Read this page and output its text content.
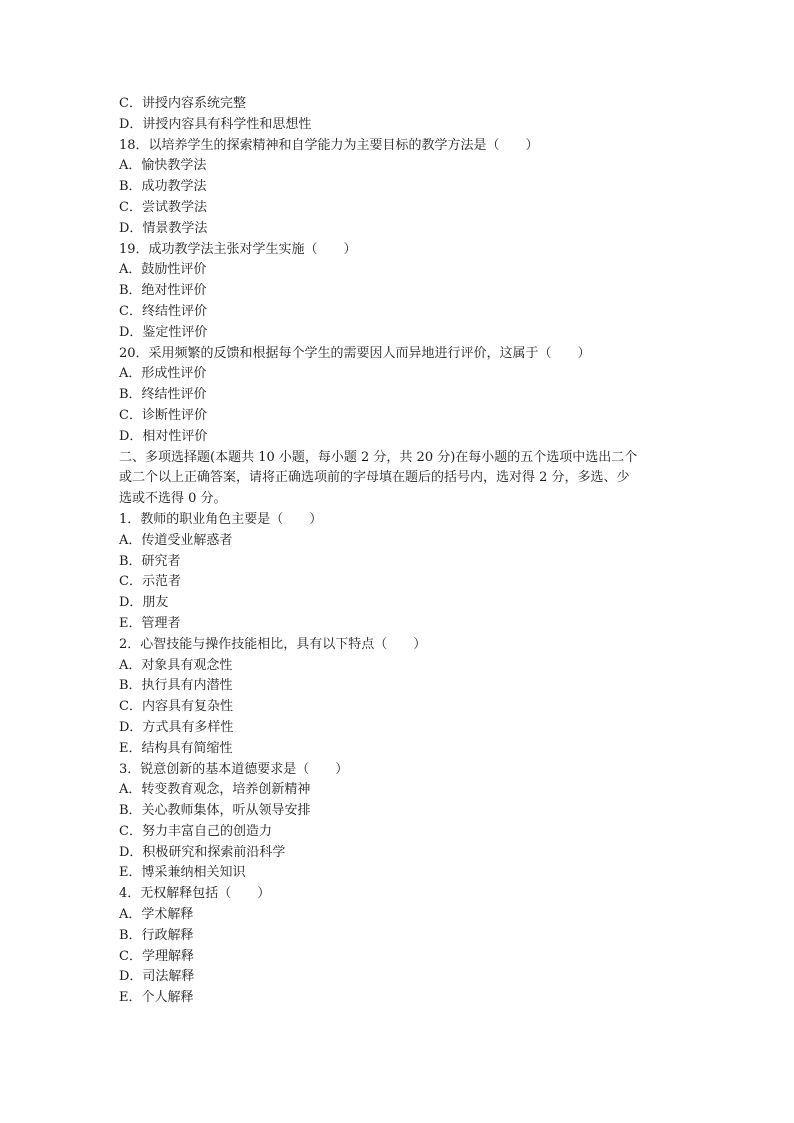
C．讲授内容系统完整
D．讲授内容具有科学性和思想性
18．以培养学生的探索精神和自学能力为主要目标的教学方法是（　　）
A．愉快教学法
B．成功教学法
C．尝试教学法
D．情景教学法
19．成功教学法主张对学生实施（　　）
A．鼓励性评价
B．绝对性评价
C．终结性评价
D．鉴定性评价
20．采用频繁的反馈和根据每个学生的需要因人而异地进行评价，这属于（　　）
A．形成性评价
B．终结性评价
C．诊断性评价
D．相对性评价
二、多项选择题(本题共 10 小题，每小题 2 分，共 20 分)在每小题的五个选项中选出二个
或二个以上正确答案，请将正确选项前的字母填在题后的括号内，选对得 2 分，多选、少
选或不选得 0 分。
1．教师的职业角色主要是（　　）
A．传道受业解惑者
B．研究者
C．示范者
D．朋友
E．管理者
2．心智技能与操作技能相比，具有以下特点（　　）
A．对象具有观念性
B．执行具有内潜性
C．内容具有复杂性
D．方式具有多样性
E．结构具有简缩性
3．锐意创新的基本道德要求是（　　）
A．转变教育观念，培养创新精神
B．关心教师集体，听从领导安排
C．努力丰富自己的创造力
D．积极研究和探索前沿科学
E．博采兼纳相关知识
4．无权解释包括（　　）
A．学术解释
B．行政解释
C．学理解释
D．司法解释
E．个人解释
